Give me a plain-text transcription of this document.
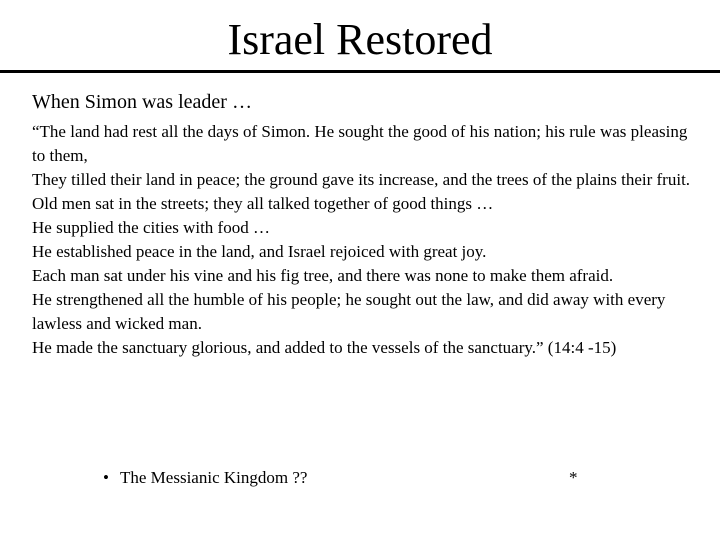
Israel Restored
When Simon was leader …
“The land had rest all the days of Simon. He sought the good of his nation; his rule was pleasing to them,
They tilled their land in peace; the ground gave its increase, and the trees of the plains their fruit.
Old men sat in the streets; they all talked together of good things …
He supplied the cities with food …
He established peace in the land, and Israel rejoiced with great joy.
Each man sat under his vine and his fig tree, and there was none to make them afraid.
He strengthened all the humble of his people; he sought out the law, and did away with every lawless and wicked man.
He made the sanctuary glorious, and added to the vessels of the sanctuary.” (14:4 -15)
• The Messianic Kingdom ??	*
